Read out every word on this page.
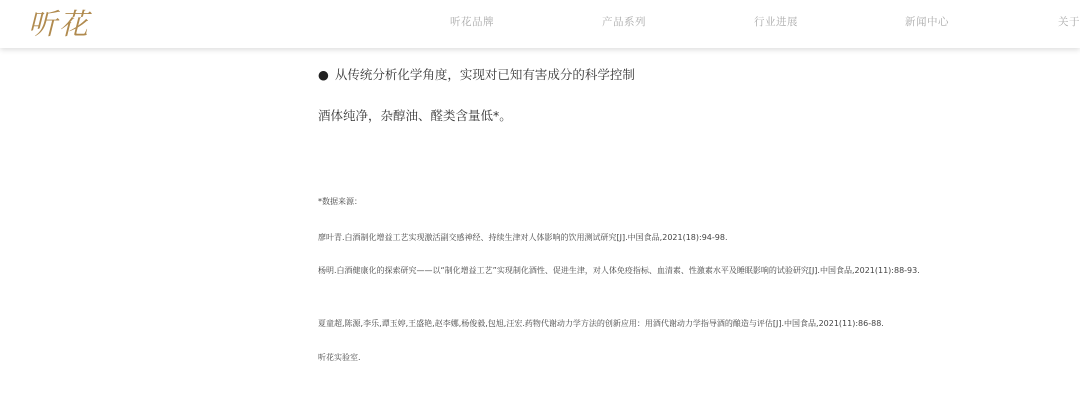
听花	听花品牌	产品系列	行业进展	新闻中心	关于
● 从传统分析化学角度，实现对已知有害成分的科学控制
酒体纯净，杂醇油、醛类含量低*。
*数据来源：
廖叶青.白酒制化增益工艺实现激活副交感神经、持续生津对人体影响的饮用测试研究[J].中国食品,2021(18):94-98.
杨明.白酒健康化的探索研究——以“制化增益工艺”实现制化酒性、促进生津，对人体免疫指标、血清素、性激素水平及睡眠影响的试验研究[J].中国食品,2021(11):88-93.
夏童超,陈源,李乐,谭玉婷,王盛艳,赵李娜,杨俊毅,包旭,汪宏.药物代谢动力学方法的创新应用：用酒代谢动力学指导酒的酿造与评估[J].中国食品,2021(11):86-88.
听花实验室.
